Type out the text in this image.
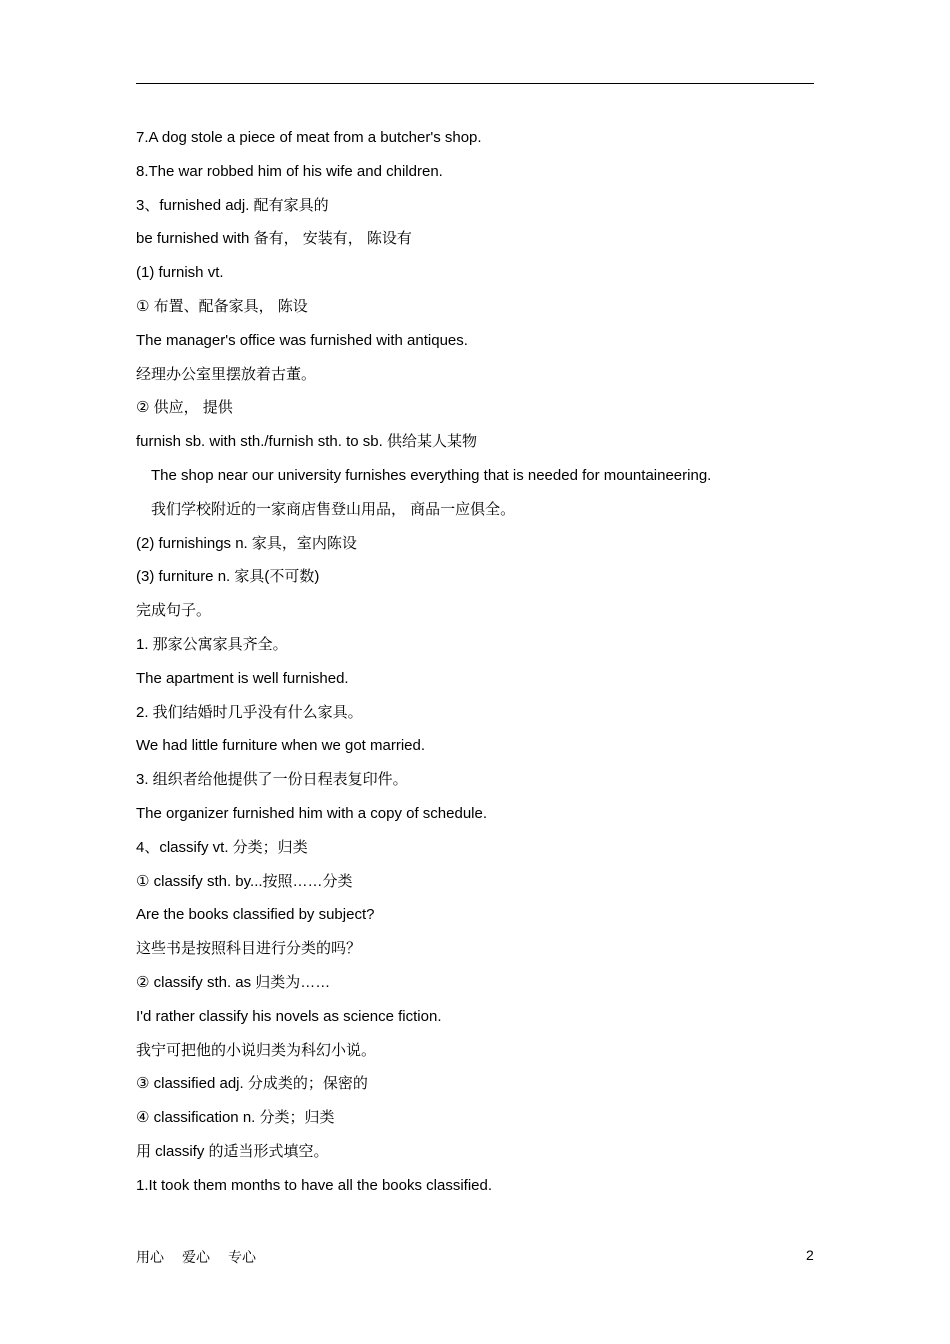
7.A dog stole a piece of meat from a butcher's shop.
8.The war robbed him of his wife and children.
3、furnished adj. 配有家具的
be furnished with 备有， 安装有， 陈设有
(1) furnish vt.
① 布置、配备家具， 陈设
The manager's office was furnished with antiques.
经理办公室里摆放着古董。
② 供应， 提供
furnish sb. with sth./furnish sth. to sb. 供给某人某物
The shop near our university furnishes everything that is needed for mountaineering.
我们学校附近的一家商店售登山用品， 商品一应俱全。
(2) furnishings n. 家具，室内陈设
(3) furniture n. 家具(不可数)
完成句子。
1. 那家公寓家具齐全。
The apartment is well furnished.
2. 我们结婚时几乎没有什么家具。
We had little furniture when we got married.
3. 组织者给他提供了一份日程表复印件。
The organizer furnished him with a copy of schedule.
4、classify vt. 分类；归类
① classify sth. by...按照……分类
Are the books classified by subject?
这些书是按照科目进行分类的吗？
② classify sth. as 归类为……
I'd rather classify his novels as science fiction.
我宁可把他的小说归类为科幻小说。
③ classified adj. 分成类的；保密的
④ classification n. 分类；归类
用 classify 的适当形式填空。
1.It took them months to have all the books classified.
用心 爱心 专心	2
